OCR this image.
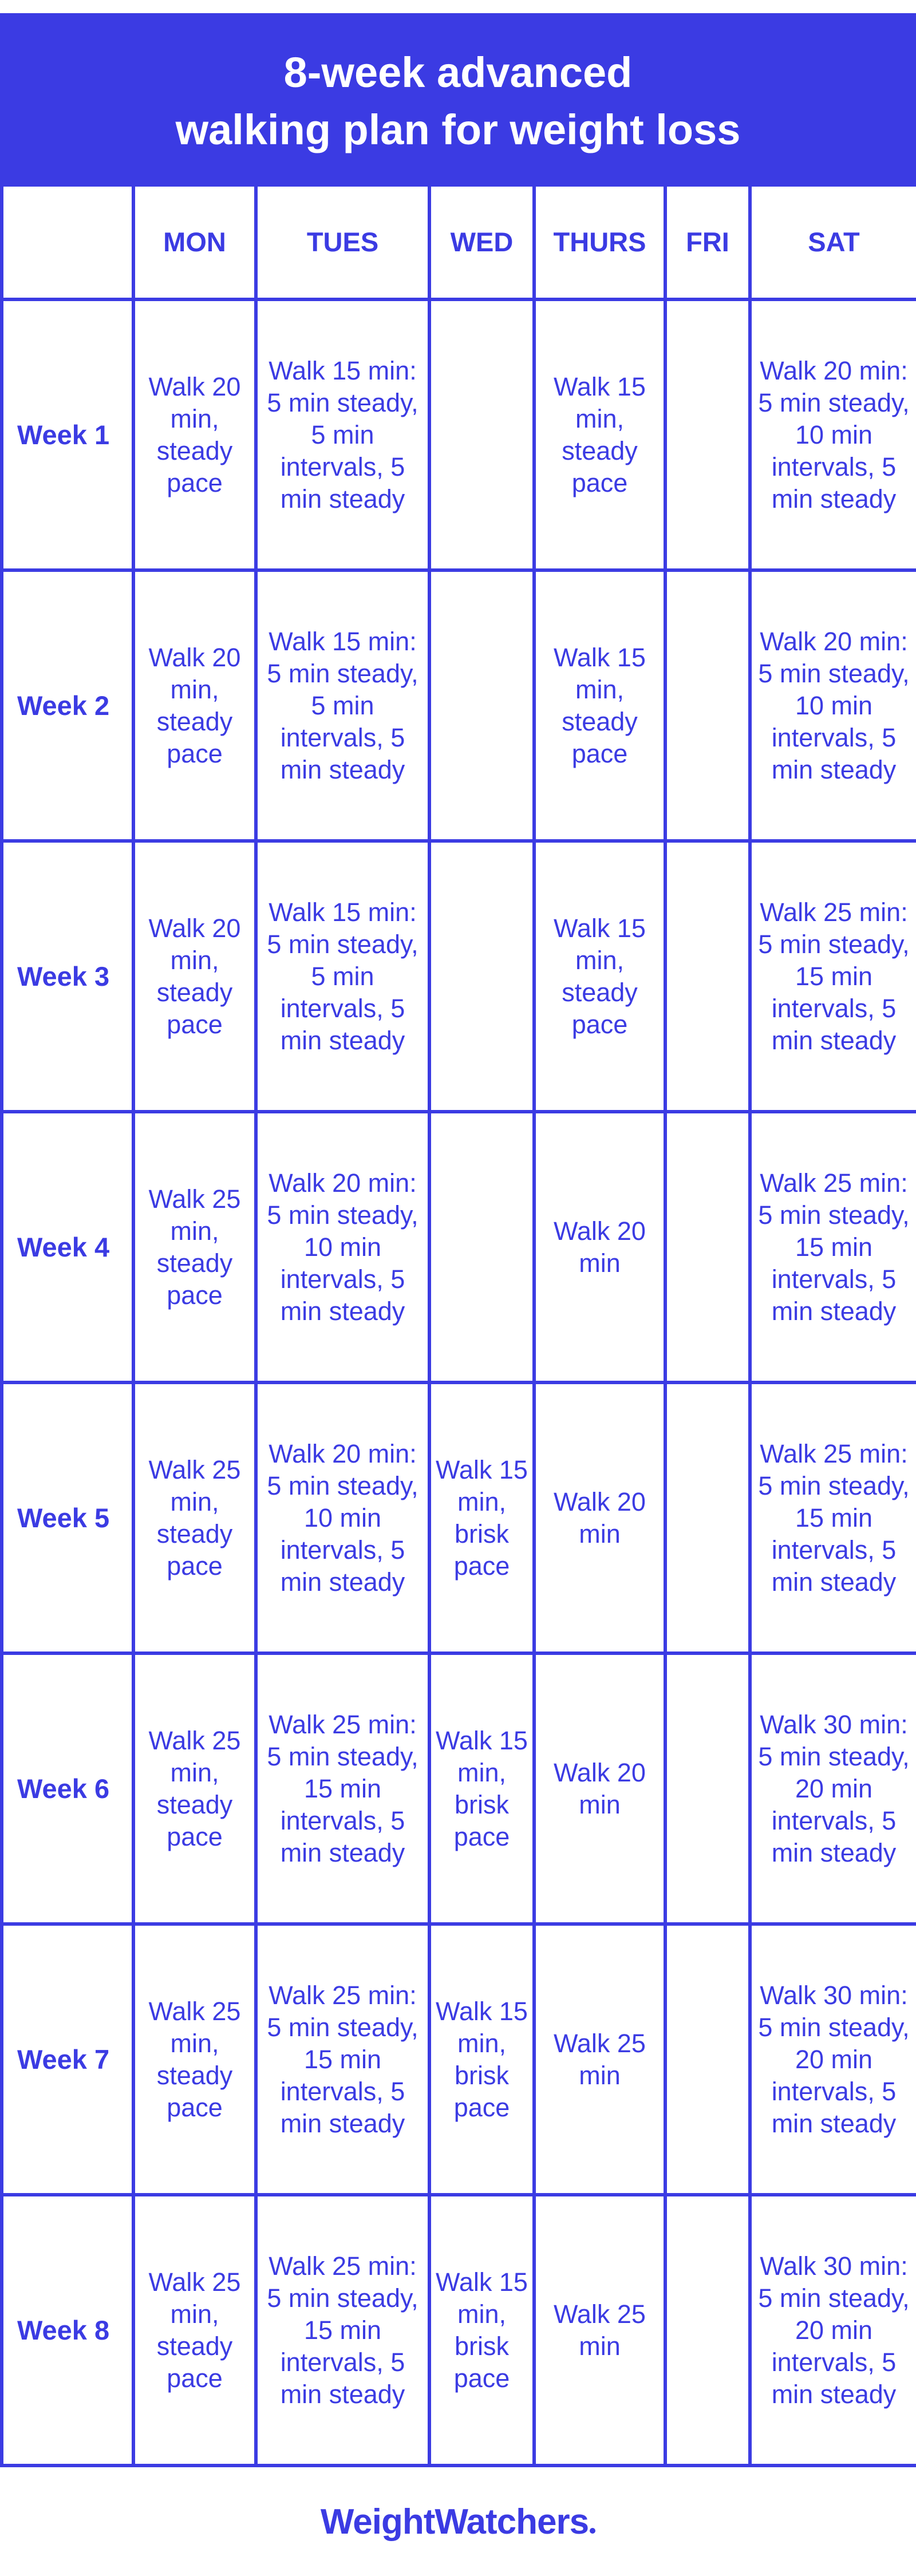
8-week advanced
walking plan for weight loss
	MON	TUES	WED	THURS	FRI	SAT
Week 1	Walk 20 min, steady pace	Walk 15 min: 5 min steady, 5 min intervals, 5 min steady		Walk 15 min, steady pace		Walk 20 min: 5 min steady, 10 min intervals, 5 min steady
Week 2	Walk 20 min, steady pace	Walk 15 min: 5 min steady, 5 min intervals, 5 min steady		Walk 15 min, steady pace		Walk 20 min: 5 min steady, 10 min intervals, 5 min steady
Week 3	Walk 20 min, steady pace	Walk 15 min: 5 min steady, 5 min intervals, 5 min steady		Walk 15 min, steady pace		Walk 25 min: 5 min steady, 15 min intervals, 5 min steady
Week 4	Walk 25 min, steady pace	Walk 20 min: 5 min steady, 10 min intervals, 5 min steady		Walk 20 min		Walk 25 min: 5 min steady, 15 min intervals, 5 min steady
Week 5	Walk 25 min, steady pace	Walk 20 min: 5 min steady, 10 min intervals, 5 min steady	Walk 15 min, brisk pace	Walk 20 min		Walk 25 min: 5 min steady, 15 min intervals, 5 min steady
Week 6	Walk 25 min, steady pace	Walk 25 min: 5 min steady, 15 min intervals, 5 min steady	Walk 15 min, brisk pace	Walk 20 min		Walk 30 min: 5 min steady, 20 min intervals, 5 min steady
Week 7	Walk 25 min, steady pace	Walk 25 min: 5 min steady, 15 min intervals, 5 min steady	Walk 15 min, brisk pace	Walk 25 min		Walk 30 min: 5 min steady, 20 min intervals, 5 min steady
Week 8	Walk 25 min, steady pace	Walk 25 min: 5 min steady, 15 min intervals, 5 min steady	Walk 15 min, brisk pace	Walk 25 min		Walk 30 min: 5 min steady, 20 min intervals, 5 min steady
WeightWatchers
